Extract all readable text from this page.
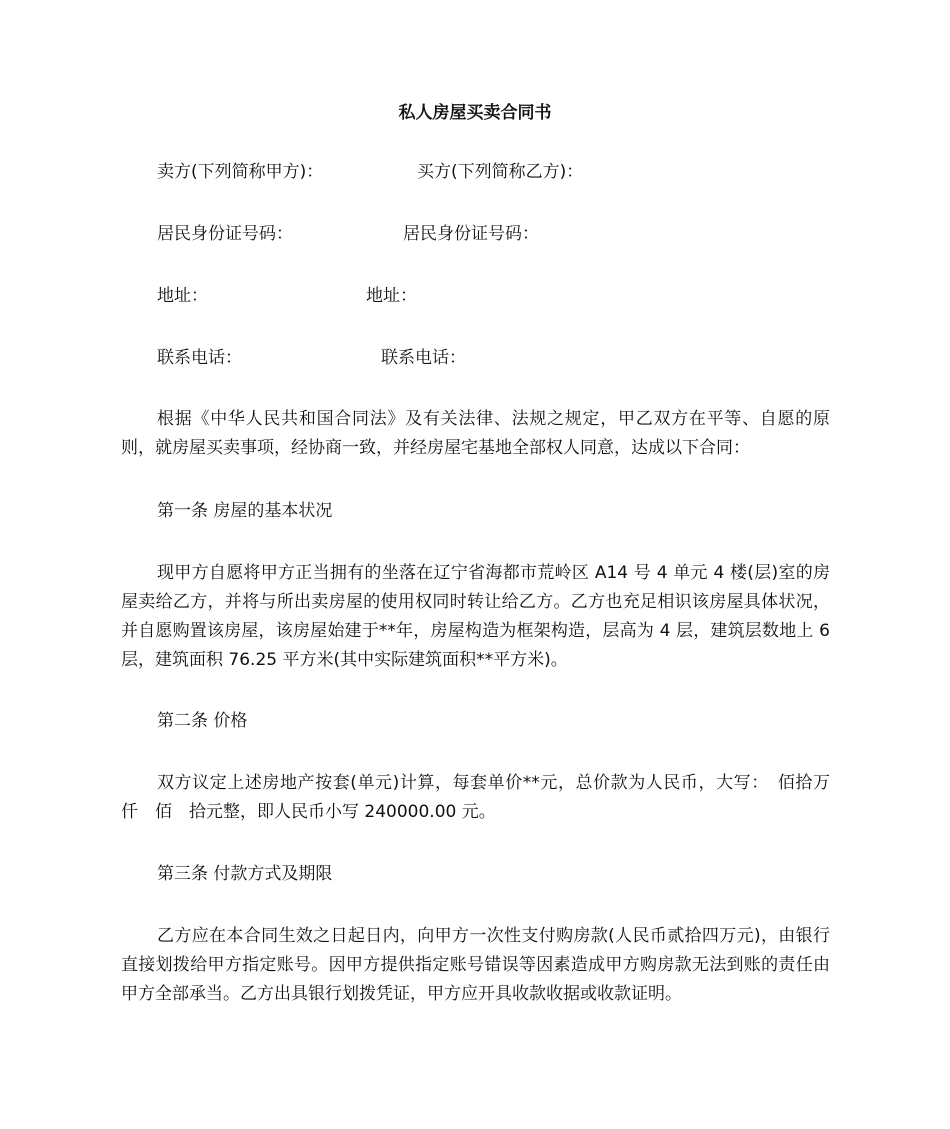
私人房屋买卖合同书
卖方(下列简称甲方)：	买方(下列简称乙方)：
居民身份证号码：	居民身份证号码：
地址：	地址：
联系电话：	联系电话：
根据《中华人民共和国合同法》及有关法律、法规之规定，甲乙双方在平等、自愿的原则，就房屋买卖事项，经协商一致，并经房屋宅基地全部权人同意，达成以下合同：
第一条 房屋的基本状况
现甲方自愿将甲方正当拥有的坐落在辽宁省海都市荒岭区 A14 号 4 单元 4 楼(层)室的房屋卖给乙方，并将与所出卖房屋的使用权同时转让给乙方。乙方也充足相识该房屋具体状况，并自愿购置该房屋，该房屋始建于**年，房屋构造为框架构造，层高为 4 层，建筑层数地上 6 层，建筑面积 76.25 平方米(其中实际建筑面积**平方米)。
第二条 价格
双方议定上述房地产按套(单元)计算，每套单价**元，总价款为人民币，大写：　佰拾万　仟　佰　拾元整，即人民币小写 240000.00 元。
第三条 付款方式及期限
乙方应在本合同生效之日起日内，向甲方一次性支付购房款(人民币贰拾四万元)，由银行直接划拨给甲方指定账号。因甲方提供指定账号错误等因素造成甲方购房款无法到账的责任由甲方全部承当。乙方出具银行划拨凭证，甲方应开具收款收据或收款证明。
